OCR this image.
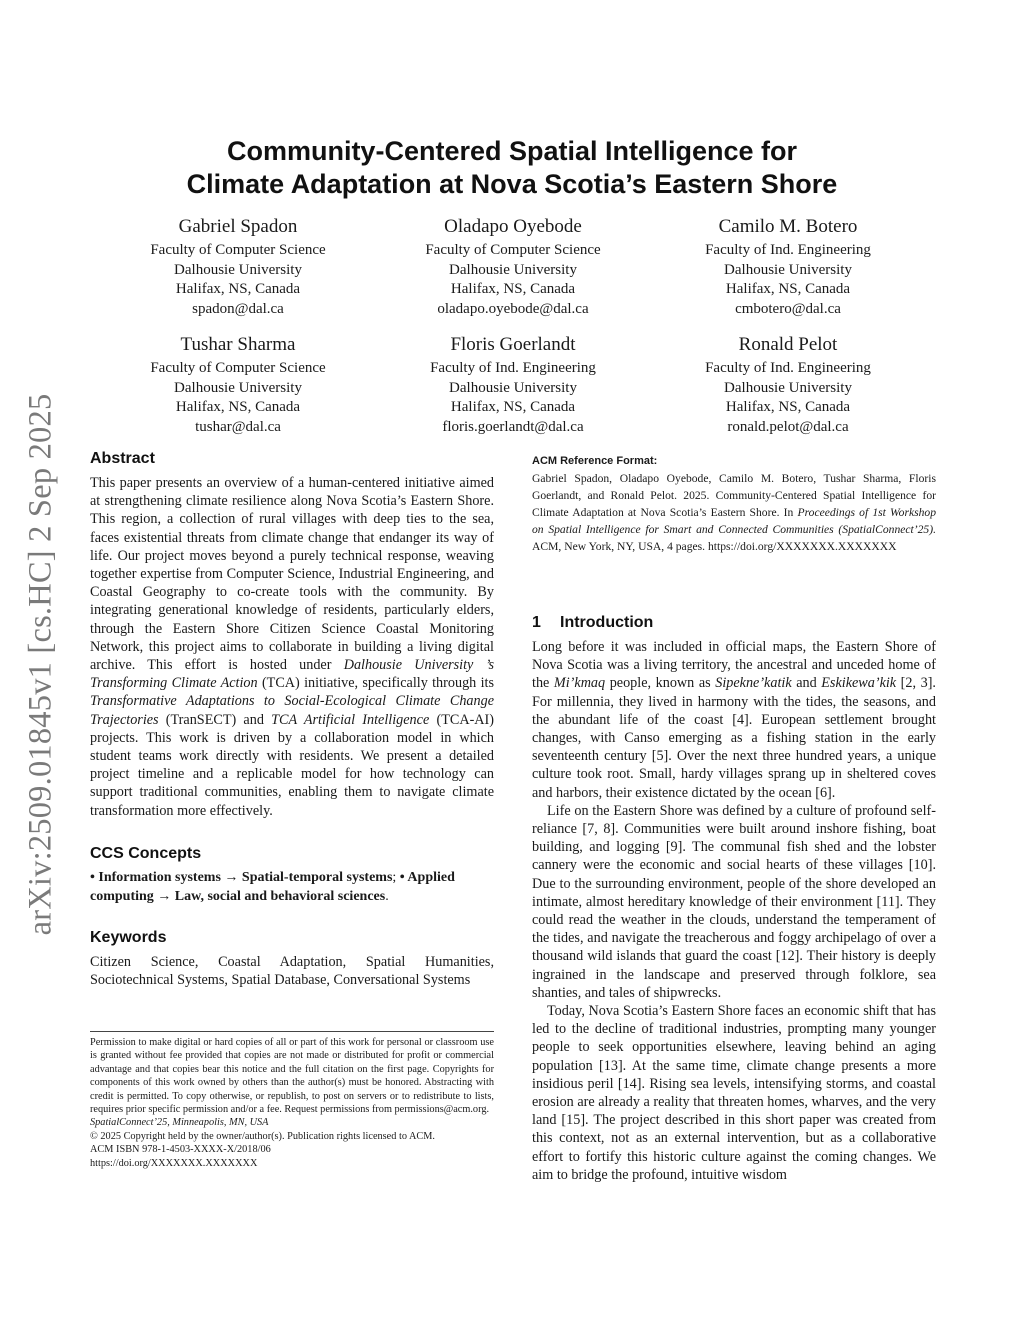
arXiv:2509.01845v1 [cs.HC] 2 Sep 2025
Community-Centered Spatial Intelligence for
Climate Adaptation at Nova Scotia’s Eastern Shore
Gabriel Spadon
Faculty of Computer Science
Dalhousie University
Halifax, NS, Canada
spadon@dal.ca
Oladapo Oyebode
Faculty of Computer Science
Dalhousie University
Halifax, NS, Canada
oladapo.oyebode@dal.ca
Camilo M. Botero
Faculty of Ind. Engineering
Dalhousie University
Halifax, NS, Canada
cmbotero@dal.ca
Tushar Sharma
Faculty of Computer Science
Dalhousie University
Halifax, NS, Canada
tushar@dal.ca
Floris Goerlandt
Faculty of Ind. Engineering
Dalhousie University
Halifax, NS, Canada
floris.goerlandt@dal.ca
Ronald Pelot
Faculty of Ind. Engineering
Dalhousie University
Halifax, NS, Canada
ronald.pelot@dal.ca
Abstract

This paper presents an overview of a human-centered initiative aimed at strengthening climate resilience along Nova Scotia’s Eastern Shore. This region, a collection of rural villages with deep ties to the sea, faces existential threats from climate change that endanger its way of life. Our project moves beyond a purely technical response, weaving together expertise from Computer Science, Industrial Engineering, and Coastal Geography to co-create tools with the community. By integrating generational knowledge of residents, particularly elders, through the Eastern Shore Citizen Science Coastal Monitoring Network, this project aims to collaborate in building a living digital archive. This effort is hosted under Dalhousie University ’s Transforming Climate Action (TCA) initiative, specifically through its Transformative Adaptations to Social-Ecological Climate Change Trajectories (TranSECT) and TCA Artificial Intelligence (TCA-AI) projects. This work is driven by a collaboration model in which student teams work directly with residents. We present a detailed project timeline and a replicable model for how technology can support traditional communities, enabling them to navigate climate transformation more effectively.

CCS Concepts
• Information systems → Spatial-temporal systems; • Applied computing → Law, social and behavioral sciences.
Keywords
Citizen Science, Coastal Adaptation, Spatial Humanities, Sociotechnical Systems, Spatial Database, Conversational Systems

Permission to make digital or hard copies of all or part of this work for personal or classroom use is granted without fee provided that copies are not made or distributed for profit or commercial advantage and that copies bear this notice and the full citation on the first page. Copyrights for components of this work owned by others than the author(s) must be honored. Abstracting with credit is permitted. To copy otherwise, or republish, to post on servers or to redistribute to lists, requires prior specific permission and/or a fee. Request permissions from permissions@acm.org.

SpatialConnect’25, Minneapolis, MN, USA

© 2025 Copyright held by the owner/author(s). Publication rights licensed to ACM.

ACM ISBN 978-1-4503-XXXX-X/2018/06

https://doi.org/XXXXXXX.XXXXXXX

ACM Reference Format:
Gabriel Spadon, Oladapo Oyebode, Camilo M. Botero, Tushar Sharma, Floris Goerlandt, and Ronald Pelot. 2025. Community-Centered Spatial Intelligence for Climate Adaptation at Nova Scotia’s Eastern Shore. In Proceedings of 1st Workshop on Spatial Intelligence for Smart and Connected Communities (SpatialConnect’25). ACM, New York, NY, USA, 4 pages. https://doi.org/XXXXXXX.XXXXXXX
1 Introduction

Long before it was included in official maps, the Eastern Shore of Nova Scotia was a living territory, the ancestral and unceded home of the Mi’kmaq people, known as Sipekne’katik and Eskikewa’kik [2, 3]. For millennia, they lived in harmony with the tides, the seasons, and the abundant life of the coast [4]. European settlement brought changes, with Canso emerging as a fishing station in the early seventeenth century [5]. Over the next three hundred years, a unique culture took root. Small, hardy villages sprang up in sheltered coves and harbors, their existence dictated by the ocean [6].

Life on the Eastern Shore was defined by a culture of profound self-reliance [7, 8]. Communities were built around inshore fishing, boat building, and logging [9]. The communal fish shed and the lobster cannery were the economic and social hearts of these villages [10]. Due to the surrounding environment, people of the shore developed an intimate, almost hereditary knowledge of their environment [11]. They could read the weather in the clouds, understand the temperament of the tides, and navigate the treacherous and foggy archipelago of over a thousand wild islands that guard the coast [12]. Their history is deeply ingrained in the landscape and preserved through folklore, sea shanties, and tales of shipwrecks.

Today, Nova Scotia’s Eastern Shore faces an economic shift that has led to the decline of traditional industries, prompting many younger people to seek opportunities elsewhere, leaving behind an aging population [13]. At the same time, climate change presents a more insidious peril [14]. Rising sea levels, intensifying storms, and coastal erosion are already a reality that threaten homes, wharves, and the very land [15]. The project described in this short paper was created from this context, not as an external intervention, but as a collaborative effort to fortify this historic culture against the coming changes. We aim to bridge the profound, intuitive wisdom
